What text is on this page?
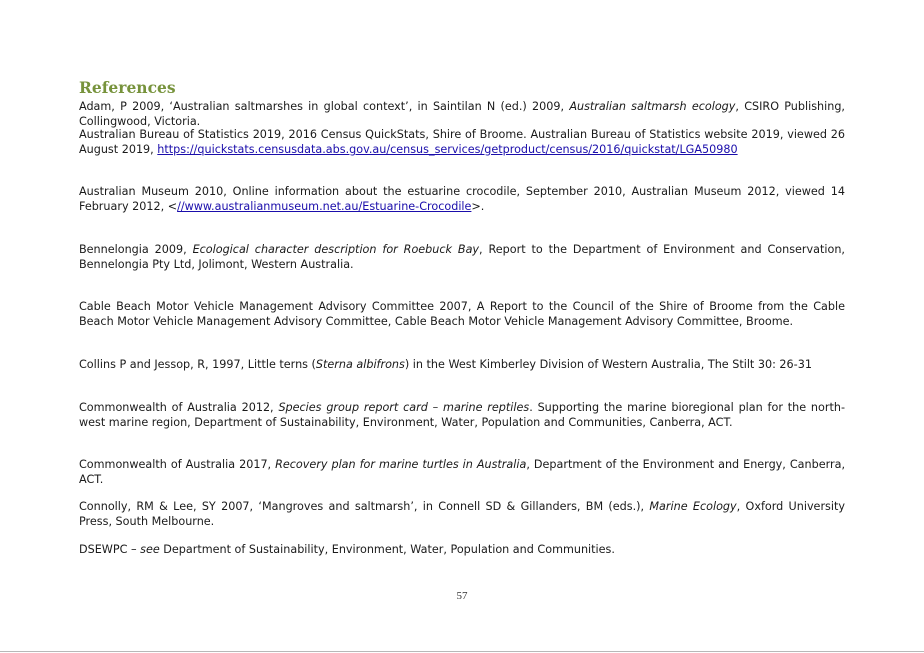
References

Adam, P 2009, ‘Australian saltmarshes in global context’, in Saintilan N (ed.) 2009, Australian saltmarsh ecology, CSIRO Publishing, Collingwood, Victoria.

Australian Bureau of Statistics 2019, 2016 Census QuickStats, Shire of Broome. Australian Bureau of Statistics website 2019, viewed 26 August 2019, https://quickstats.censusdata.abs.gov.au/census_services/getproduct/census/2016/quickstat/LGA50980

Australian Museum 2010, Online information about the estuarine crocodile, September 2010, Australian Museum 2012, viewed 14 February 2012, <//www.australianmuseum.net.au/Estuarine-Crocodile>.

Bennelongia 2009, Ecological character description for Roebuck Bay, Report to the Department of Environment and Conservation, Bennelongia Pty Ltd, Jolimont, Western Australia.

Cable Beach Motor Vehicle Management Advisory Committee 2007, A Report to the Council of the Shire of Broome from the Cable Beach Motor Vehicle Management Advisory Committee, Cable Beach Motor Vehicle Management Advisory Committee, Broome.

Collins P and Jessop, R, 1997, Little terns (Sterna albifrons) in the West Kimberley Division of Western Australia, The Stilt 30: 26-31

Commonwealth of Australia 2012, Species group report card – marine reptiles. Supporting the marine bioregional plan for the north-west marine region, Department of Sustainability, Environment, Water, Population and Communities, Canberra, ACT.

Commonwealth of Australia 2017, Recovery plan for marine turtles in Australia, Department of the Environment and Energy, Canberra, ACT.

Connolly, RM & Lee, SY 2007, ‘Mangroves and saltmarsh’, in Connell SD & Gillanders, BM (eds.), Marine Ecology, Oxford University Press, South Melbourne.

DSEWPC – see Department of Sustainability, Environment, Water, Population and Communities.

57
